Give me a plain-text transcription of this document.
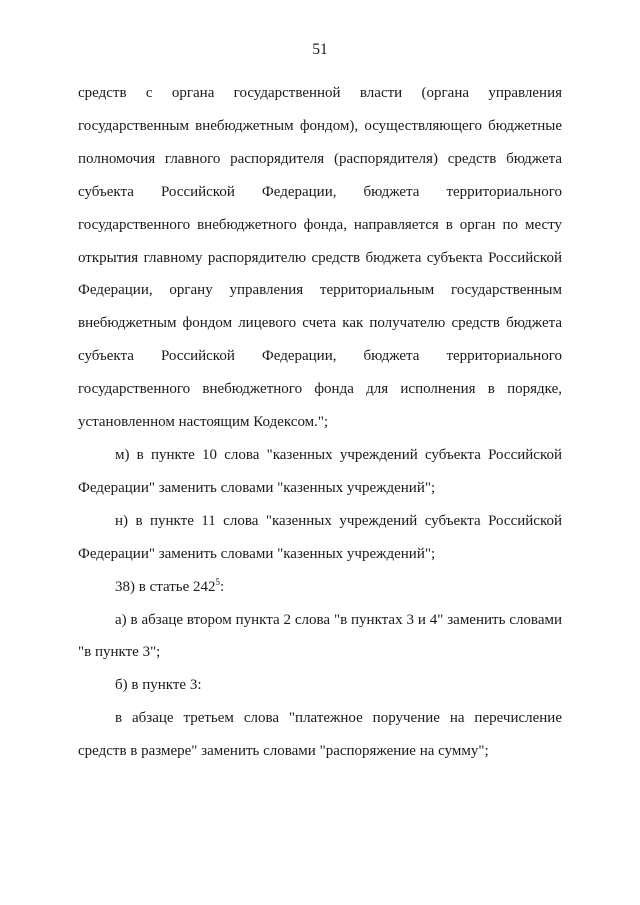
51

средств с органа государственной власти (органа управления
государственным внебюджетным фондом), осуществляющего бюджетные
полномочия главного распорядителя (распорядителя) средств бюджета
субъекта Российской Федерации, бюджета территориального
государственного внебюджетного фонда, направляется в орган по месту
открытия главному распорядителю средств бюджета субъекта Российской
Федерации, органу управления территориальным государственным
внебюджетным фондом лицевого счета как получателю средств бюджета
субъекта Российской Федерации, бюджета территориального
государственного внебюджетного фонда для исполнения в порядке,
установленном настоящим Кодексом.";

м) в пункте 10 слова "казенных учреждений субъекта Российской
Федерации" заменить словами "казенных учреждений";

н) в пункте 11 слова "казенных учреждений субъекта Российской
Федерации" заменить словами "казенных учреждений";

38) в статье $242^5$:

а) в абзаце втором пункта 2 слова "в пунктах 3 и 4" заменить словами
"в пункте 3";

б) в пункте 3:

в абзаце третьем слова "платежное поручение на перечисление
средств в размере" заменить словами "распоряжение на сумму";
